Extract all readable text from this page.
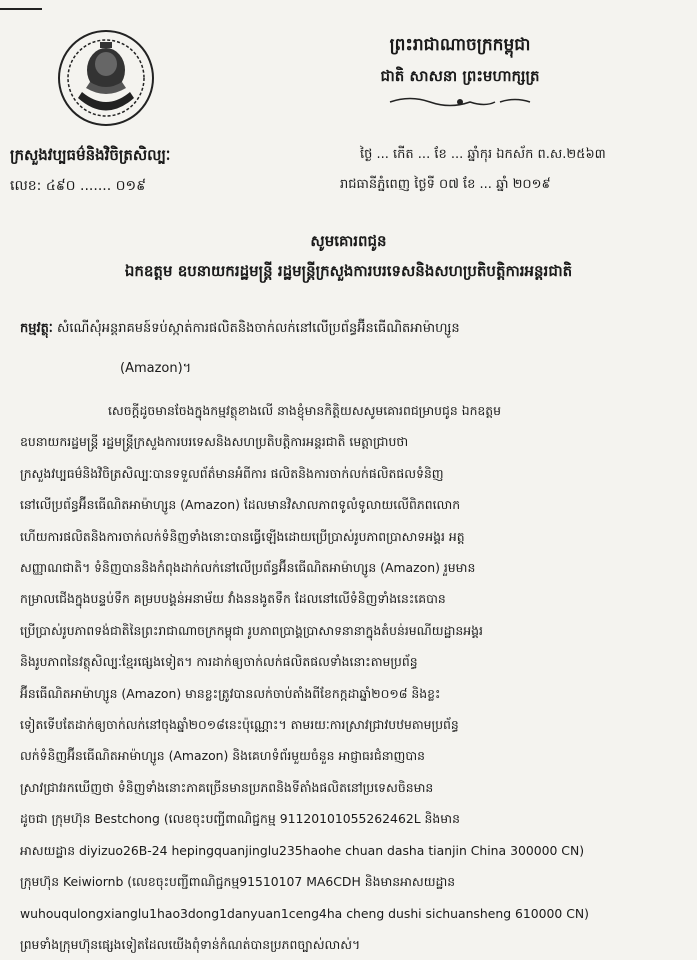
ព្រះរាជាណាចក្រកម្ពុជា
ជាតិ សាសនា ព្រះមហាក្សត្រ
ក្រសួងវប្បធម៌និងវិចិត្រសិល្បៈ
លេខ: ៤៩០ ....... ០១៩
ថ្ងៃ ... កើត ... ខែ ... ឆ្នាំកុរ ឯកស័ក ព.ស.២៥៦៣
រាជធានីភ្នំពេញ ថ្ងៃទី ០៧ ខែ ... ឆ្នាំ ២០១៩
សូមគោរពជូន
ឯកឧត្តម ឧបនាយករដ្ឋមន្ត្រី រដ្ឋមន្ត្រីក្រសួងការបរទេសនិងសហប្រតិបត្តិការអន្តរជាតិ
កម្មវត្ថុៈ សំណើសុំអន្តរាគមន៍ទប់ស្កាត់ការផលិតនិងចាក់លក់នៅលើប្រព័ន្ធអ៊ីនធើណិតអាម៉ាហ្សូន
(Amazon)។
សេចក្តីដូចមានចែងក្នុងកម្មវត្ថុខាងលើ នាងខ្ញុំមានកិត្តិយសសូមគោរពជម្រាបជូន ឯកឧត្តម
ឧបនាយករដ្ឋមន្ត្រី រដ្ឋមន្ត្រីក្រសួងការបរទេសនិងសហប្រតិបត្តិការអន្តរជាតិ មេត្តាជ្រាបថា
ក្រសួងវប្បធម៌និងវិចិត្រសិល្បៈបានទទួលព័ត៌មានអំពីការ ផលិតនិងការចាក់លក់ផលិតផលទំនិញ
នៅលើប្រព័ន្ធអ៊ីនធើណិតអាម៉ាហ្សូន (Amazon) ដែលមានវិសាលភាពទូលំទូលាយលើពិភពលោក
ហើយការផលិតនិងការចាក់លក់ទំនិញទាំងនោះបានធ្វើឡើងដោយប្រើប្រាស់រូបភាពប្រាសាទអង្គរ អត្ត
សញ្ញាណជាតិ។ ទំនិញបាននិងកំពុងដាក់លក់នៅលើប្រព័ន្ធអ៊ីនធើណិតអាម៉ាហ្សូន (Amazon) រួមមាន
កម្រាលជើងក្នុងបន្ទប់ទឹក គម្របបង្គន់អនាម័យ វាំងននងូតទឹក ដែលនៅលើទំនិញទាំងនេះគេបាន
ប្រើប្រាស់រូបភាពទង់ជាតិនៃព្រះរាជាណាចក្រកម្ពុជា រូបភាពប្រាង្គប្រាសាទនានាក្នុងតំបន់រមណីយដ្ឋានអង្គរ
និងរូបភាពនៃវត្ថុសិល្បៈខ្មែរផ្សេងទៀត។ ការដាក់ឲ្យចាក់លក់ផលិតផលទាំងនោះតាមប្រព័ន្ធ
អ៊ីនធើណិតអាម៉ាហ្សូន (Amazon) មានខ្លះត្រូវបានលក់ចាប់តាំងពីខែកក្កដាឆ្នាំ២០១៨ និងខ្លះ
ទៀតទើបតែដាក់ឲ្យចាក់លក់នៅចុងឆ្នាំ២០១៨នេះប៉ុណ្ណោះ។ តាមរយៈការស្រាវជ្រាវបឋមតាមប្រព័ន្ធ
លក់ទំនិញអ៊ីនធើណិតអាម៉ាហ្សូន (Amazon) និងគេហទំព័រមួយចំនួន អាជ្ញាធរជំនាញបាន
ស្រាវជ្រាវរកឃើញថា ទំនិញទាំងនោះភាគច្រើនមានប្រភពនិងទីតាំងផលិតនៅប្រទេសចិនមាន
ដូចជា ក្រុមហ៊ុន Bestchong (លេខចុះបញ្ជីពាណិជ្ជកម្ម 91120101055262462L និងមាន
អាសយដ្ឋាន diyizuo26B-24 hepingquanjinglu235haohe chuan dasha tianjin China 300000 CN)
ក្រុមហ៊ុន Keiwiornb (លេខចុះបញ្ជីពាណិជ្ជកម្ម91510107 MA6CDH និងមានអាសយដ្ឋាន
wuhouqulongxianglu1hao3dong1danyuan1ceng4ha cheng dushi sichuansheng 610000 CN)
ព្រមទាំងក្រុមហ៊ុនផ្សេងទៀតដែលយើងពុំទាន់កំណត់បានប្រភពច្បាស់លាស់។
